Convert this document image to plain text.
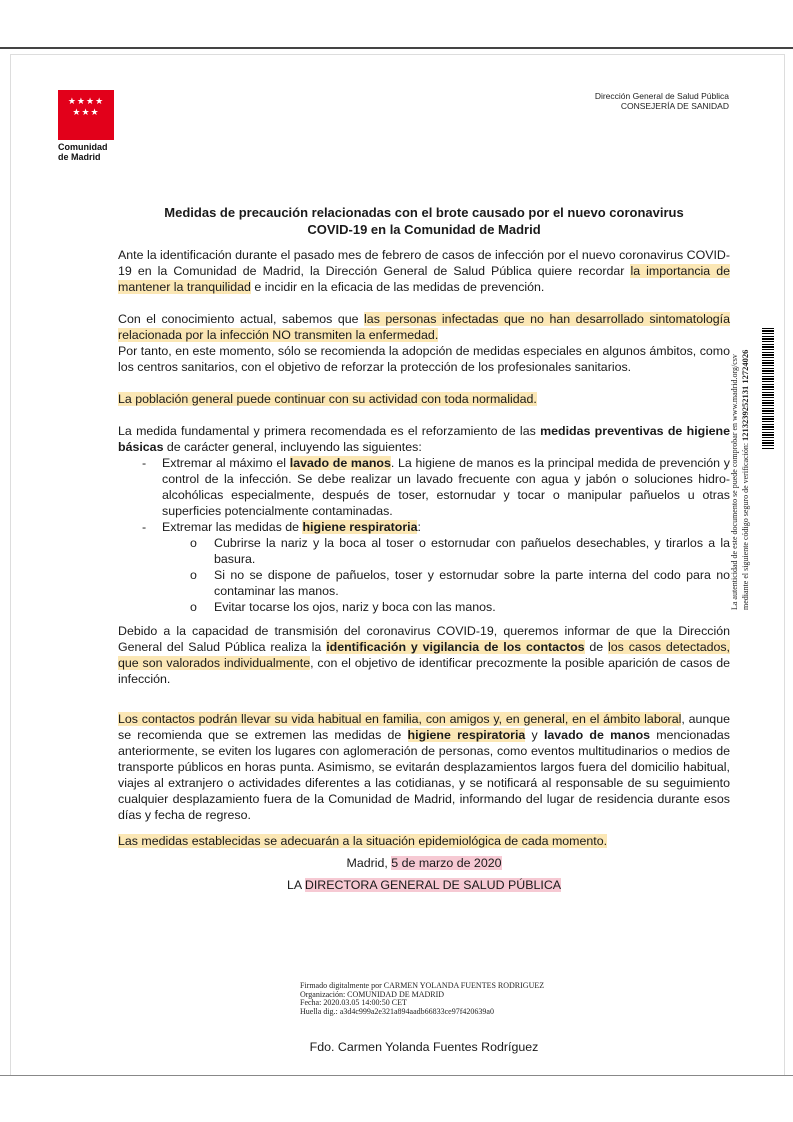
★★★★
★★★
Comunidad
de Madrid
Dirección General de Salud Pública
CONSEJERÍA DE SANIDAD
Medidas de precaución relacionadas con el brote causado por el nuevo coronavirus
COVID-19 en la Comunidad de Madrid

Ante la identificación durante el pasado mes de febrero de casos de infección por el nuevo coronavirus COVID-19 en la Comunidad de Madrid, la Dirección General de Salud Pública quiere recordar la importancia de mantener la tranquilidad e incidir en la eficacia de las medidas de prevención.

Con el conocimiento actual, sabemos que las personas infectadas que no han desarrollado sintomatología relacionada por la infección NO transmiten la enfermedad.
Por tanto, en este momento, sólo se recomienda la adopción de medidas especiales en algunos ámbitos, como los centros sanitarios, con el objetivo de reforzar la protección de los profesionales sanitarios.

La población general puede continuar con su actividad con toda normalidad.

La medida fundamental y primera recomendada es el reforzamiento de las medidas preventivas de higiene básicas de carácter general, incluyendo las siguientes:

-	Extremar al máximo el lavado de manos. La higiene de manos es la principal medida de prevención y control de la infección. Se debe realizar un lavado frecuente con agua y jabón o soluciones hidro-alcohólicas especialmente, después de toser, estornudar y tocar o manipular pañuelos u otras superficies potencialmente contaminadas.
-	Extremar las medidas de higiene respiratoria:
o Cubrirse la nariz y la boca al toser o estornudar con pañuelos desechables, y tirarlos a la basura.
o Si no se dispone de pañuelos, toser y estornudar sobre la parte interna del codo para no contaminar las manos.
o Evitar tocarse los ojos, nariz y boca con las manos.

Debido a la capacidad de transmisión del coronavirus COVID-19, queremos informar de que la Dirección General del Salud Pública realiza la identificación y vigilancia de los contactos de los casos detectados, que son valorados individualmente, con el objetivo de identificar precozmente la posible aparición de casos de infección.

Los contactos podrán llevar su vida habitual en familia, con amigos y, en general, en el ámbito laboral, aunque se recomienda que se extremen las medidas de higiene respiratoria y lavado de manos mencionadas anteriormente, se eviten los lugares con aglomeración de personas, como eventos multitudinarios o medios de transporte públicos en horas punta. Asimismo, se evitarán desplazamientos largos fuera del domicilio habitual, viajes al extranjero o actividades diferentes a las cotidianas, y se notificará al responsable de su seguimiento cualquier desplazamiento fuera de la Comunidad de Madrid, informando del lugar de residencia durante esos días y fecha de regreso.

Las medidas establecidas se adecuarán a la situación epidemiológica de cada momento.

Madrid, 5 de marzo de 2020

LA DIRECTORA GENERAL DE SALUD PÚBLICA

Firmado digitalmente por CARMEN YOLANDA FUENTES RODRIGUEZ
Organización: COMUNIDAD DE MADRID
Fecha: 2020.03.05 14:00:50 CET
Huella dig.: a3d4c999a2e321a894aadb66833ce97f420639a0
Fdo. Carmen Yolanda Fuentes Rodríguez
La autenticidad de este documento se puede comprobar en www.madrid.org/csv mediante el siguiente código seguro de verificación: 1213239252131 12724026
